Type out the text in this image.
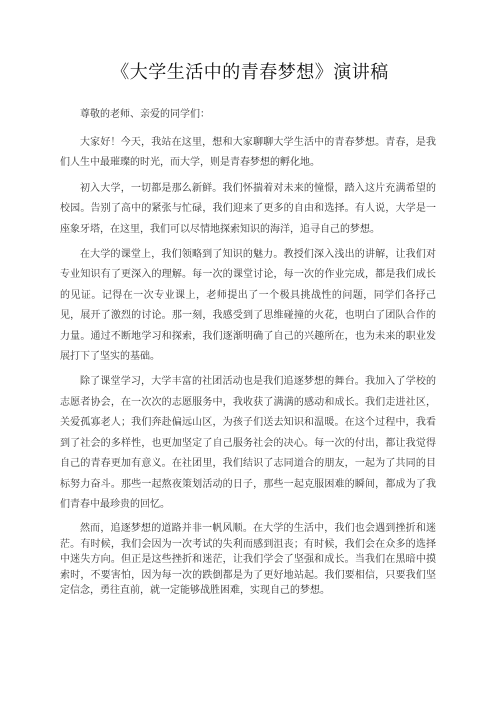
《大学生活中的青春梦想》演讲稿

尊敬的老师、亲爱的同学们：

大家好！今天，我站在这里，想和大家聊聊大学生活中的青春梦想。青春，是我们人生中最璀璨的时光，而大学，则是青春梦想的孵化地。

初入大学，一切都是那么新鲜。我们怀揣着对未来的憧憬，踏入这片充满希望的校园。告别了高中的紧张与忙碌，我们迎来了更多的自由和选择。有人说，大学是一座象牙塔，在这里，我们可以尽情地探索知识的海洋，追寻自己的梦想。

在大学的课堂上，我们领略到了知识的魅力。教授们深入浅出的讲解，让我们对专业知识有了更深入的理解。每一次的课堂讨论，每一次的作业完成，都是我们成长的见证。记得在一次专业课上，老师提出了一个极具挑战性的问题，同学们各抒己见，展开了激烈的讨论。那一刻，我感受到了思维碰撞的火花，也明白了团队合作的力量。通过不断地学习和探索，我们逐渐明确了自己的兴趣所在，也为未来的职业发展打下了坚实的基础。

除了课堂学习，大学丰富的社团活动也是我们追逐梦想的舞台。我加入了学校的志愿者协会，在一次次的志愿服务中，我收获了满满的感动和成长。我们走进社区，关爱孤寡老人；我们奔赴偏远山区，为孩子们送去知识和温暖。在这个过程中，我看到了社会的多样性，也更加坚定了自己服务社会的决心。每一次的付出，都让我觉得自己的青春更加有意义。在社团里，我们结识了志同道合的朋友，一起为了共同的目标努力奋斗。那些一起熬夜策划活动的日子，那些一起克服困难的瞬间，都成为了我们青春中最珍贵的回忆。

然而，追逐梦想的道路并非一帆风顺。在大学的生活中，我们也会遇到挫折和迷茫。有时候，我们会因为一次考试的失利而感到沮丧；有时候，我们会在众多的选择中迷失方向。但正是这些挫折和迷茫，让我们学会了坚强和成长。当我们在黑暗中摸索时，不要害怕，因为每一次的跌倒都是为了更好地站起。我们要相信，只要我们坚定信念，勇往直前，就一定能够战胜困难，实现自己的梦想。
